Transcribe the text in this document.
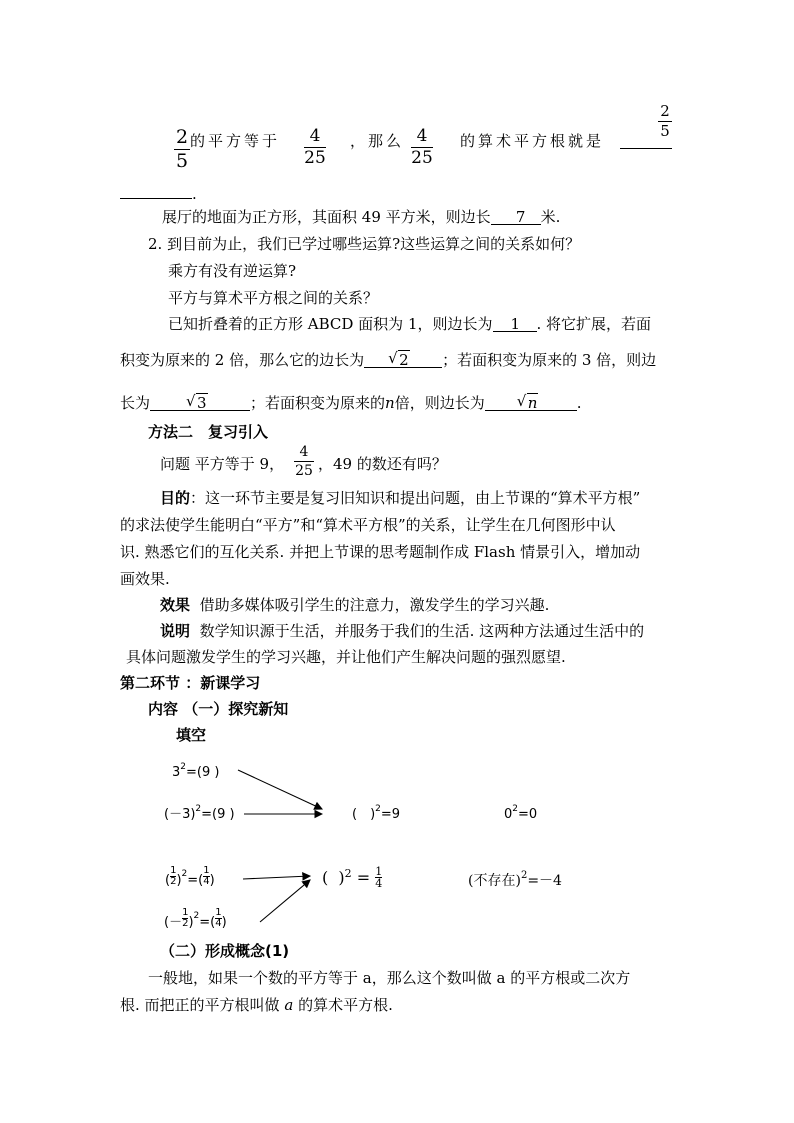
2
5
的平方等于	4
25
，那么 4
25
的算术平方根就是
2
5
.
展厅的地面为正方形，其面积 49 平方米，则边长 7 米.
2. 到目前为止，我们已学过哪些运算?这些运算之间的关系如何？
乘方有没有逆运算?
平方与算术平方根之间的关系？
已知折叠着的正方形 ABCD 面积为 1，则边长为 1 . 将它扩展，若面
积变为原来的 2 倍，那么它的边长为 √ 2 ；若面积变为原来的 3 倍，则边
长为	√ 3	；若面积变为原来的n倍，则边长为	√ n	.
方法二　复习引入
问题 平方等于 9，
4
25 ，49 的数还有吗？
目的：这一环节主要是复习旧知识和提出问题，由上节课的“算术平方根”
的求法使学生能明白“平方”和“算术平方根”的关系，让学生在几何图形中认
识. 熟悉它们的互化关系. 并把上节课的思考题制作成 Flash 情景引入，增加动
画效果.
效果 借助多媒体吸引学生的注意力，激发学生的学习兴趣.
说明 数学知识源于生活，并服务于我们的生活. 这两种方法通过生活中的
具体问题激发学生的学习兴趣，并让他们产生解决问题的强烈愿望.
第二环节 ：新课学习
内容 （一）探究新知
填空
$3^2=(9$ )
$(-3)^2=(9$ )	(　)$^2$=9	$0^2=0$
( $\frac{1}{2} )2=( \frac{1}{4}$ )
(－ $\frac{1}{2} )2=( \frac{1}{4}$ )
(  )$2 = \frac{1}{4}$	(不存在)$^2$=－4
（二）形成概念(1)
一般地，如果一个数的平方等于 a，那么这个数叫做 a 的平方根或二次方
根. 而把正的平方根叫做 a 的算术平方根.
